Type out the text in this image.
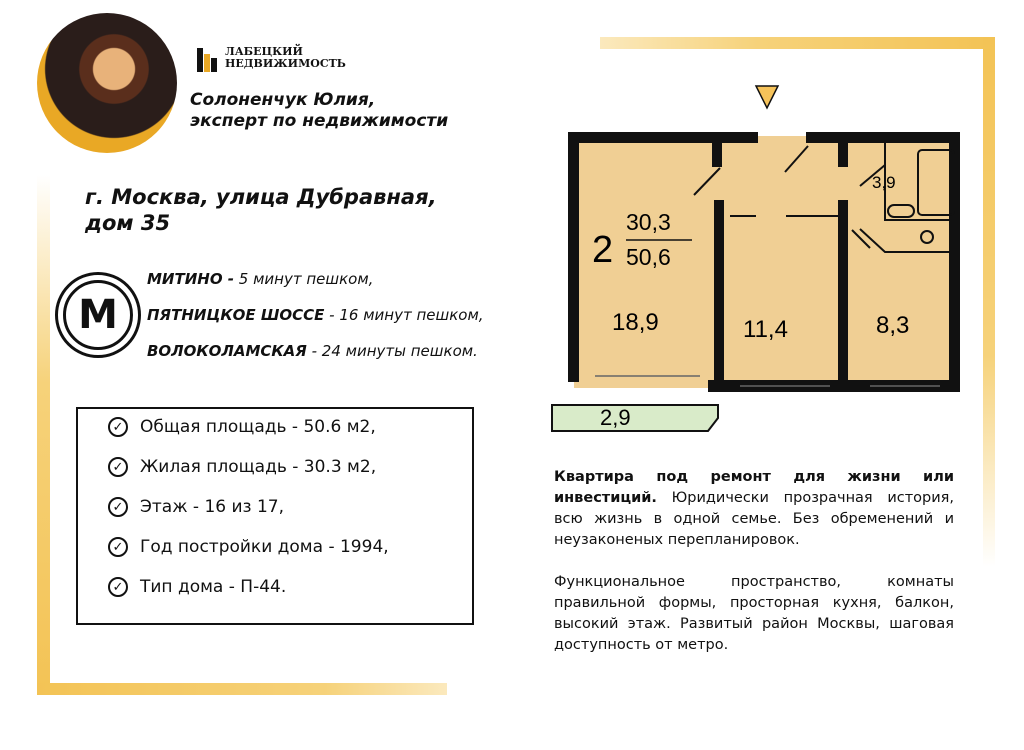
ЛАБЕЦКИЙ
НЕДВИЖИМОСТЬ
Солоненчук Юлия,
эксперт по недвижимости
г. Москва, улица Дубравная,
дом 35
M
МИТИНО - 5 минут пешком,
ПЯТНИЦКОЕ ШОССЕ - 16 минут пешком,
ВОЛОКОЛАМСКАЯ - 24 минуты пешком.
✓ Общая площадь - 50.6 м2,
✓ Жилая площадь - 30.3 м2,
✓ Этаж - 16 из 17,
✓ Год постройки дома - 1994,
✓ Тип дома - П-44.
2
30,3
50,6
18,9	11,4	8,3
3,9
2,9

Квартира под ремонт для жизни или инвестиций. Юридически прозрачная история, всю жизнь в одной семье. Без обременений и неузаконеных перепланировок.

Функциональное пространство, комнаты правильной формы, просторная кухня, балкон, высокий этаж. Развитый район Москвы, шаговая доступность от метро.
